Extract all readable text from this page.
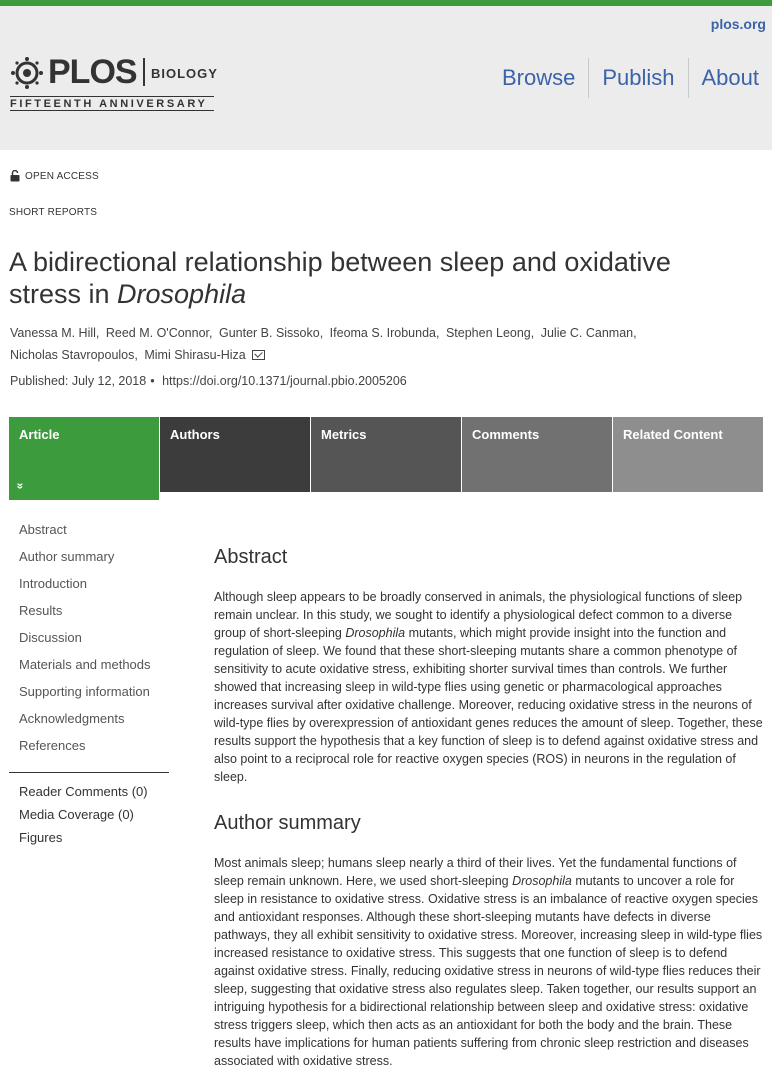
plos.org
PLOS BIOLOGY
FIFTEENTH ANNIVERSARY
Browse	Publish	About
OPEN ACCESS
SHORT REPORTS
A bidirectional relationship between sleep and oxidative stress in Drosophila
Vanessa M. Hill, Reed M. O'Connor, Gunter B. Sissoko, Ifeoma S. Irobunda, Stephen Leong, Julie C. Canman,
Nicholas Stavropoulos, Mimi Shirasu-Hiza
Published: July 12, 2018 • https://doi.org/10.1371/journal.pbio.2005206
Article
»
Authors	Metrics	Comments	Related Content
Abstract
Author summary
Introduction
Results
Discussion
Materials and methods
Supporting information
Acknowledgments
References
Reader Comments (0)
Media Coverage (0)
Figures
Abstract

Although sleep appears to be broadly conserved in animals, the physiological functions of sleep remain unclear. In this study, we sought to identify a physiological defect common to a diverse group of short-sleeping Drosophila mutants, which might provide insight into the function and regulation of sleep. We found that these short-sleeping mutants share a common phenotype of sensitivity to acute oxidative stress, exhibiting shorter survival times than controls. We further showed that increasing sleep in wild-type flies using genetic or pharmacological approaches increases survival after oxidative challenge. Moreover, reducing oxidative stress in the neurons of wild-type flies by overexpression of antioxidant genes reduces the amount of sleep. Together, these results support the hypothesis that a key function of sleep is to defend against oxidative stress and also point to a reciprocal role for reactive oxygen species (ROS) in neurons in the regulation of sleep.

Author summary

Most animals sleep; humans sleep nearly a third of their lives. Yet the fundamental functions of sleep remain unknown. Here, we used short-sleeping Drosophila mutants to uncover a role for sleep in resistance to oxidative stress. Oxidative stress is an imbalance of reactive oxygen species and antioxidant responses. Although these short-sleeping mutants have defects in diverse pathways, they all exhibit sensitivity to oxidative stress. Moreover, increasing sleep in wild-type flies increased resistance to oxidative stress. This suggests that one function of sleep is to defend against oxidative stress. Finally, reducing oxidative stress in neurons of wild-type flies reduces their sleep, suggesting that oxidative stress also regulates sleep. Taken together, our results support an intriguing hypothesis for a bidirectional relationship between sleep and oxidative stress: oxidative stress triggers sleep, which then acts as an antioxidant for both the body and the brain. These results have implications for human patients suffering from chronic sleep restriction and diseases associated with oxidative stress.
